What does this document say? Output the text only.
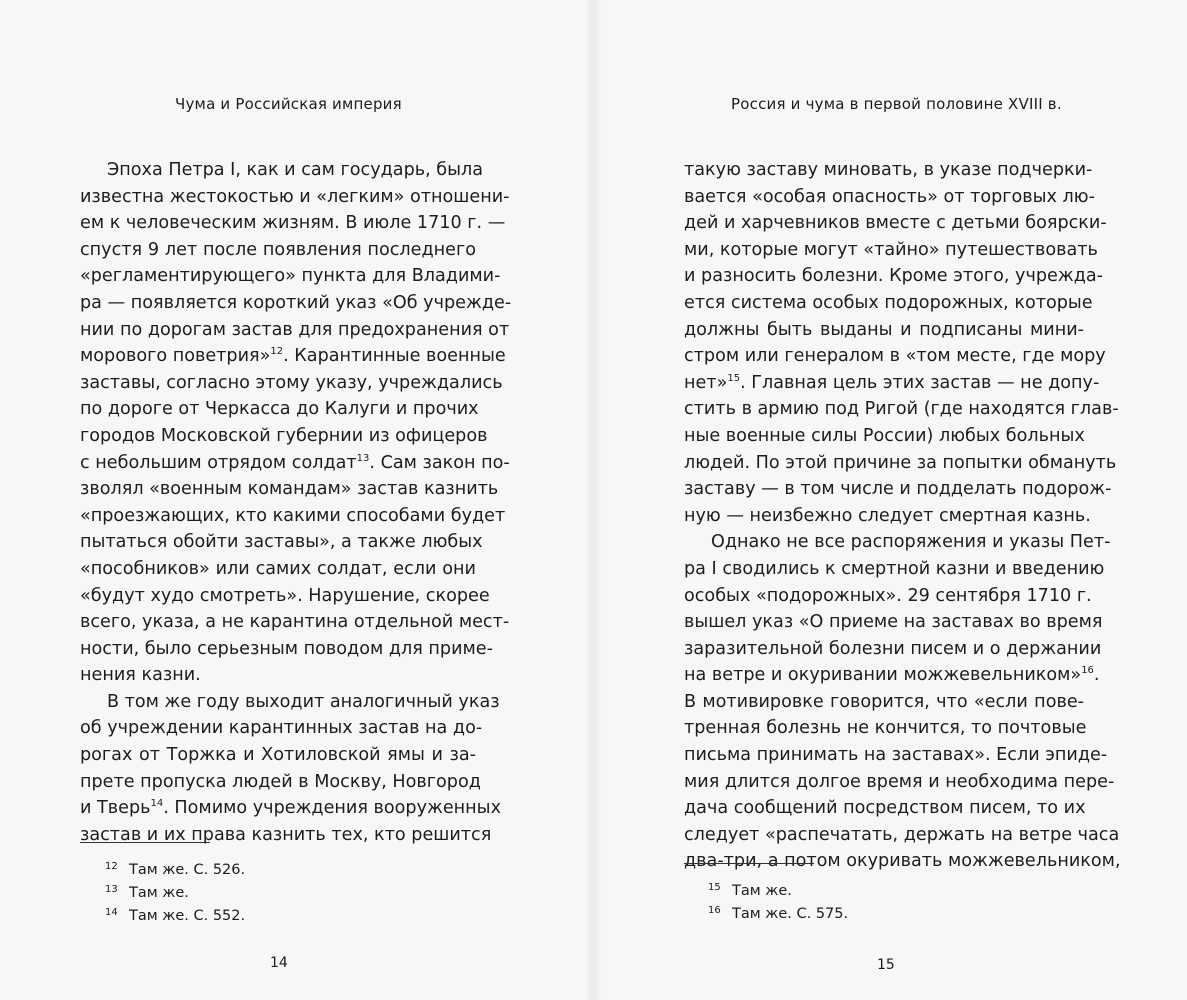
Чума и Российская империя
Эпоха Петра I, как и сам государь, была
известна жестокостью и «легким» отношени-
ем к человеческим жизням. В июле 1710 г. —
спустя 9 лет после появления последнего
«регламентирующего» пункта для Владими-
ра — появляется короткий указ «Об учрежде-
нии по дорогам застав для предохранения от
морового поветрия»$^{12}$. Карантинные военные
заставы, согласно этому указу, учреждались
по дороге от Черкасса до Калуги и прочих
городов Московской губернии из офицеров
с небольшим отрядом солдат$^{13}$. Сам закон по-
зволял «военным командам» застав казнить
«проезжающих, кто какими способами будет
пытаться обойти заставы», а также любых
«пособников» или самих солдат, если они
«будут худо смотреть». Нарушение, скорее
всего, указа, а не карантина отдельной мест-
ности, было серьезным поводом для приме-
нения казни.
В том же году выходит аналогичный указ
об учреждении карантинных застав на до-
рогах от Торжка и Хотиловской ямы и за-
прете пропуска людей в Москву, Новгород
и Тверь$^{14}$. Помимо учреждения вооруженных
застав и их права казнить тех, кто решится
12 Там же. С. 526.
13 Там же.
14 Там же. С. 552.
14
Россия и чума в первой половине XVIII в.
такую заставу миновать, в указе подчерки-
вается «особая опасность» от торговых лю-
дей и харчевников вместе с детьми боярски-
ми, которые могут «тайно» путешествовать
и разносить болезни. Кроме этого, учрежда-
ется система особых подорожных, которые
должны быть выданы и подписаны мини-
стром или генералом в «том месте, где мору
нет»$^{15}$. Главная цель этих застав — не допу-
стить в армию под Ригой (где находятся глав-
ные военные силы России) любых больных
людей. По этой причине за попытки обмануть
заставу — в том числе и подделать подорож-
ную — неизбежно следует смертная казнь.
Однако не все распоряжения и указы Пет-
ра I сводились к смертной казни и введению
особых «подорожных». 29 сентября 1710 г.
вышел указ «О приеме на заставах во время
заразительной болезни писем и о держании
на ветре и окуривании можжевельником»$^{16}$.
В мотивировке говорится, что «если пове-
тренная болезнь не кончится, то почтовые
письма принимать на заставах». Если эпиде-
мия длится долгое время и необходима пере-
дача сообщений посредством писем, то их
следует «распечатать, держать на ветре часа
два-три, а потом окуривать можжевельником,
15 Там же.
16 Там же. С. 575.
15
